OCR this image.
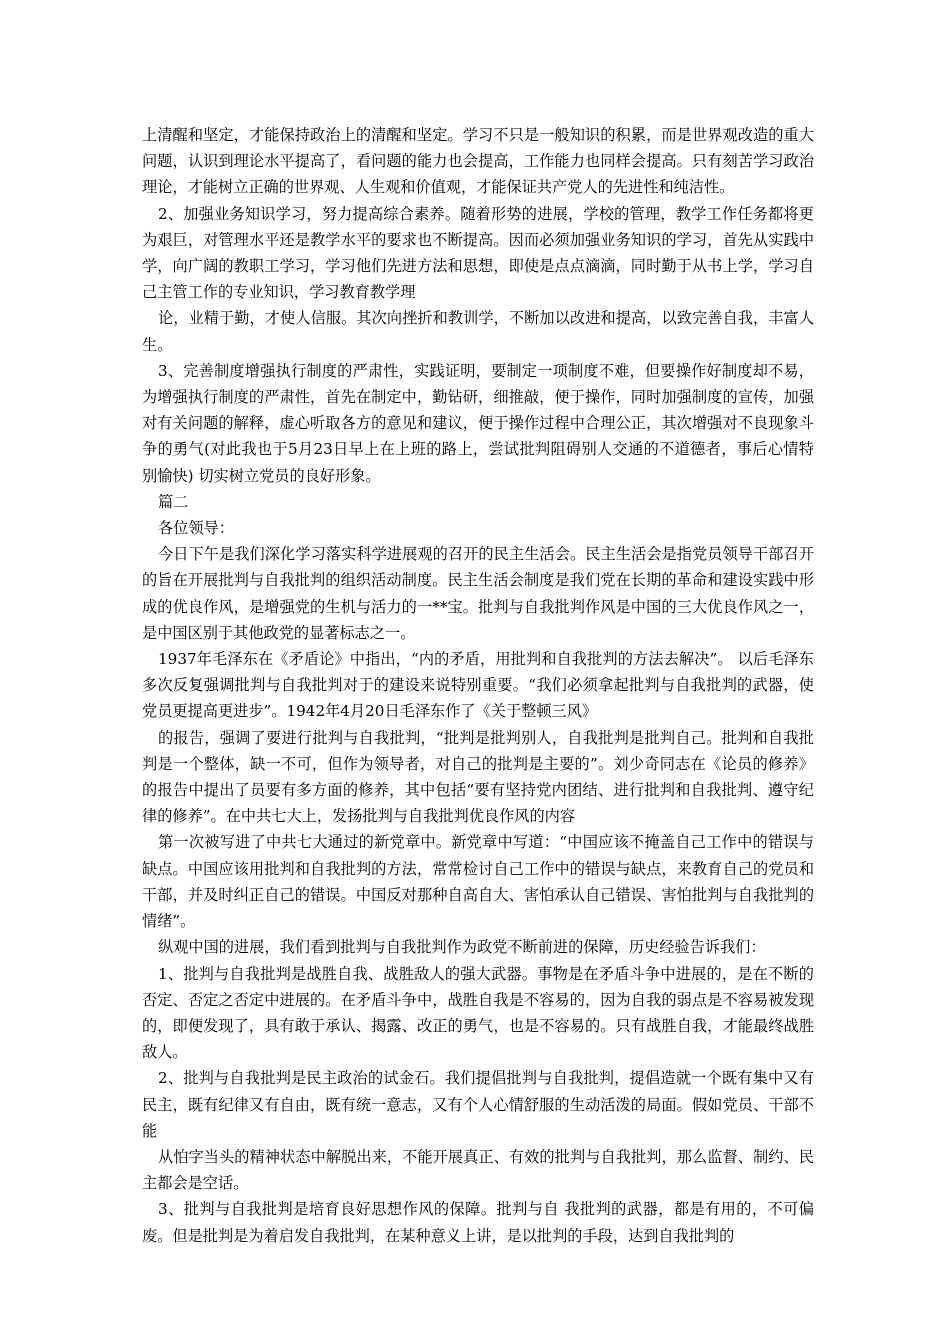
上清醒和坚定，才能保持政治上的清醒和坚定。学习不只是一般知识的积累，而是世界观改造的重大问题，认识到理论水平提高了，看问题的能力也会提高，工作能力也同样会提高。只有刻苦学习政治理论，才能树立正确的世界观、人生观和价值观，才能保证共产党人的先进性和纯洁性。

2、加强业务知识学习，努力提高综合素养。随着形势的进展，学校的管理，教学工作任务都将更为艰巨，对管理水平还是教学水平的要求也不断提高。因而必须加强业务知识的学习，首先从实践中学，向广阔的教职工学习，学习他们先进方法和思想，即使是点点滴滴，同时勤于从书上学，学习自己主管工作的专业知识，学习教育教学理

论，业精于勤，才使人信服。其次向挫折和教训学，不断加以改进和提高，以致完善自我，丰富人生。

3、完善制度增强执行制度的严肃性，实践证明，要制定一项制度不难，但要操作好制度却不易，为增强执行制度的严肃性，首先在制定中，勤钻研，细推敲，便于操作，同时加强制度的宣传，加强对有关问题的解释，虚心听取各方的意见和建议，便于操作过程中合理公正，其次增强对不良现象斗争的勇气(对此我也于5月23日早上在上班的路上，尝试批判阻碍别人交通的不道德者，事后心情特别愉快) 切实树立党员的良好形象。

篇二

各位领导：

今日下午是我们深化学习落实科学进展观的召开的民主生活会。民主生活会是指党员领导干部召开的旨在开展批判与自我批判的组织活动制度。民主生活会制度是我们党在长期的革命和建设实践中形成的优良作风，是增强党的生机与活力的一**宝。批判与自我批判作风是中国的三大优良作风之一，是中国区别于其他政党的显著标志之一。

1937年毛泽东在《矛盾论》中指出，“内的矛盾，用批判和自我批判的方法去解决”。 以后毛泽东多次反复强调批判与自我批判对于的建设来说特别重要。“我们必须拿起批判与自我批判的武器，使党员更提高更进步”。1942年4月20日毛泽东作了《关于整顿三风》

的报告，强调了要进行批判与自我批判，“批判是批判别人，自我批判是批判自己。批判和自我批判是一个整体，缺一不可，但作为领导者，对自己的批判是主要的”。刘少奇同志在《论员的修养》的报告中提出了员要有多方面的修养，其中包括“要有坚持党内团结、进行批判和自我批判、遵守纪律的修养”。在中共七大上，发扬批判与自我批判优良作风的内容

第一次被写进了中共七大通过的新党章中。新党章中写道：“中国应该不掩盖自己工作中的错误与缺点。中国应该用批判和自我批判的方法，常常检讨自己工作中的错误与缺点，来教育自己的党员和干部，并及时纠正自己的错误。中国反对那种自高自大、害怕承认自己错误、害怕批判与自我批判的情绪”。

纵观中国的进展，我们看到批判与自我批判作为政党不断前进的保障，历史经验告诉我们：

1、批判与自我批判是战胜自我、战胜敌人的强大武器。事物是在矛盾斗争中进展的，是在不断的否定、否定之否定中进展的。在矛盾斗争中，战胜自我是不容易的，因为自我的弱点是不容易被发现的，即便发现了，具有敢于承认、揭露、改正的勇气，也是不容易的。只有战胜自我，才能最终战胜敌人。

2、批判与自我批判是民主政治的试金石。我们提倡批判与自我批判，提倡造就一个既有集中又有民主，既有纪律又有自由，既有统一意志，又有个人心情舒服的生动活泼的局面。假如党员、干部不能

从怕字当头的精神状态中解脱出来，不能开展真正、有效的批判与自我批判，那么监督、制约、民主都会是空话。

3、批判与自我批判是培育良好思想作风的保障。批判与自 我批判的武器，都是有用的，不可偏废。但是批判是为着启发自我批判，在某种意义上讲，是以批判的手段，达到自我批判的
